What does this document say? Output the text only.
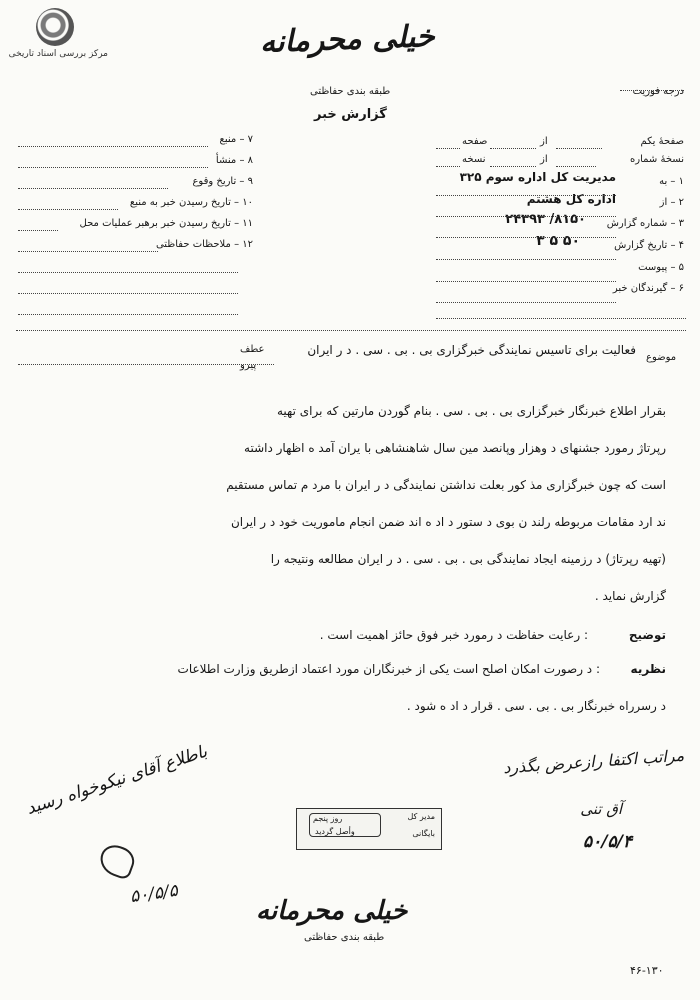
مرکز بررسی اسناد تاریخی	خیلی محرمانه
طبقه بندی حفاظتی
گزارش خبر
درجه فوریت
صفحهٔ یکم
از
صفحه
نسخهٔ شماره
از
نسخه
۱ – به
مدیریت کل اداره سوم ۳۲۵
۲ – از
اداره کل هشتم
۳ – شماره گزارش
۸۱۵۰/ ۲۴۳۹۳
۴ – تاریخ گزارش
۵۰ ۵ ۳
۵ – پیوست
۶ – گیرندگان خبر
۷ – منبع
۸ – منشأ
۹ – تاریخ وقوع
۱۰ – تاریخ رسیدن خبر به منبع
۱۱ – تاریخ رسیدن خبر برهبر عملیات محل
۱۲ – ملاحظات حفاظتی
موضوع
فعالیت برای تاسیس نمایندگی خبرگزاری بی . بی . سی . د ر ایران
عطف
پیرو
بقرار اطلاع خبرنگار خبرگزاری بی . بی . سی . بنام گوردن مارتین که برای تهیه
رپرتاژ رمورد جشنهای د وهزار وپانصد مین سال شاهنشاهی با یران آمد ه اظهار داشته
است که چون خبرگزاری مذ کور بعلت نداشتن نمایندگی د ر ایران با مرد م تماس مستقیم
ند ارد مقامات مربوطه رلند ن بوی د ستور د اد ه اند ضمن انجام ماموریت خود د ر ایران
(تهیه رپرتاژ) د رزمینه ایجاد نمایندگی بی . بی . سی . د ر ایران مطالعه ونتیجه را
گزارش نماید .
توضیح
: رعایت حفاظت د رمورد خبر فوق حائز اهمیت است .
نظریه
: د رصورت امکان اصلح است یکی از خبرنگاران مورد اعتماد ازطریق وزارت اطلاعات
د رسرراه خبرنگار بی . بی . سی . قرار د اد ه شود .
مراتب اکتفا رازعرض بگذرد
آق تنی
۵۰/۵/۴
باطلاع آقای نیکوخواه رسید
۵۰/۵/۵
مدیر کل
بایگانی
روز پنجم
وأصل گردید
خیلی محرمانه
طبقه بندی حفاظتی
۴۶-۱۳۰
